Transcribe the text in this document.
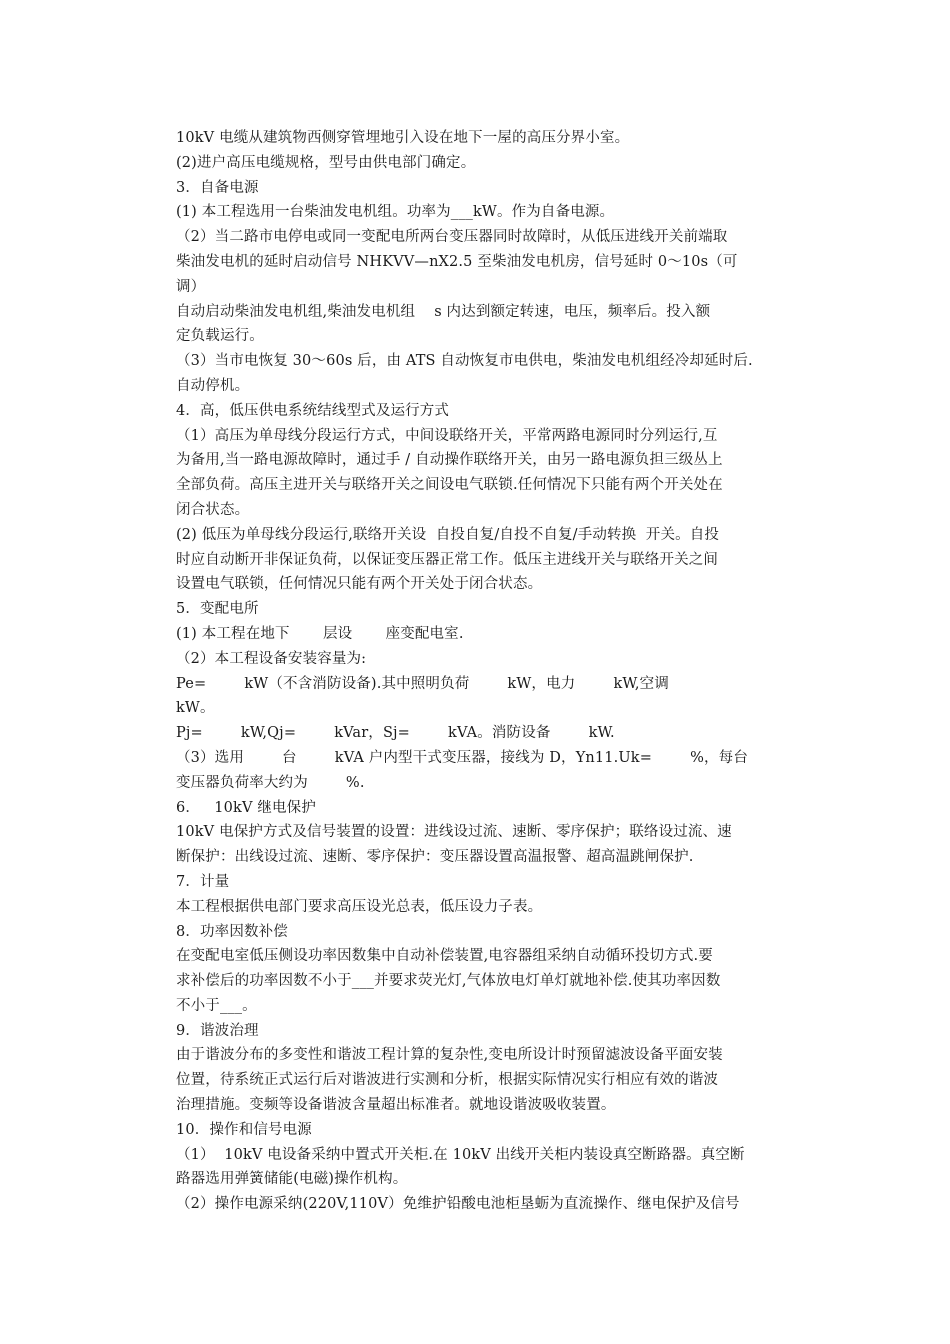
10kV 电缆从建筑物西侧穿管埋地引入设在地下一屋的高压分界小室。
(2)进户高压电缆规格，型号由供电部门确定。
3．自备电源
(1) 本工程选用一台柴油发电机组。功率为___kW。作为自备电源。
（2）当二路市电停电或同一变配电所两台变压器同时故障时，从低压进线开关前端取
柴油发电机的延时启动信号 NHKVV—nX2.5 至柴油发电机房，信号延时 0～10s（可
调）
自动启动柴油发电机组,柴油发电机组    s 内达到额定转速，电压，频率后。投入额
定负载运行。
（3）当市电恢复 30～60s 后，由 ATS 自动恢复市电供电，柴油发电机组经冷却延时后.
自动停机。
4．高，低压供电系统结线型式及运行方式
（1）高压为单母线分段运行方式，中间设联络开关，平常两路电源同时分列运行,互
为备用,当一路电源故障时，通过手 / 自动操作联络开关，由另一路电源负担三级丛上
全部负荷。高压主进开关与联络开关之间设电气联锁.任何情况下只能有两个开关处在
闭合状态。
(2) 低压为单母线分段运行,联络开关设  自投自复/自投不自复/手动转换  开关。自投
时应自动断开非保证负荷，以保证变压器正常工作。低压主进线开关与联络开关之间
设置电气联锁，任何情况只能有两个开关处于闭合状态。
5．变配电所
(1) 本工程在地下       层设       座变配电室.
（2）本工程设备安装容量为:
Pe=        kW（不含消防设备).其中照明负荷        kW，电力        kW,空调
kW。
Pj=        kW,Qj=        kVar，Sj=        kVA。消防设备        kW.
（3）选用        台        kVA 户内型干式变压器，接线为 D，Yn11.Uk=        %，每台
变压器负荷率大约为        %.
6．   10kV 继电保护
10kV 电保护方式及信号装置的设置：进线设过流、速断、零序保护；联络设过流、速
断保护：出线设过流、速断、零序保护：变压器设置高温报警、超高温跳闸保护.
7．计量
本工程根据供电部门要求高压设光总表，低压设力子表。
8．功率因数补偿
在变配电室低压侧设功率因数集中自动补偿装置,电容器组采纳自动循环投切方式.要
求补偿后的功率因数不小于___并要求荧光灯,气体放电灯单灯就地补偿.使其功率因数
不小于___。
9．谐波治理
由于谐波分布的多变性和谐波工程计算的复杂性,变电所设计时预留滤波设备平面安装
位置，待系统正式运行后对谐波进行实测和分析，根据实际情况实行相应有效的谐波
治理措施。变频等设备谐波含量超出标准者。就地设谐波吸收装置。
10．操作和信号电源
（1）  10kV 电设备采纳中置式开关柜.在 10kV 出线开关柜内装设真空断路器。真空断
路器选用弹簧储能(电磁)操作机构。
（2）操作电源采纳(220V,110V）免维护铅酸电池柜垦蛎为直流操作、继电保护及信号
